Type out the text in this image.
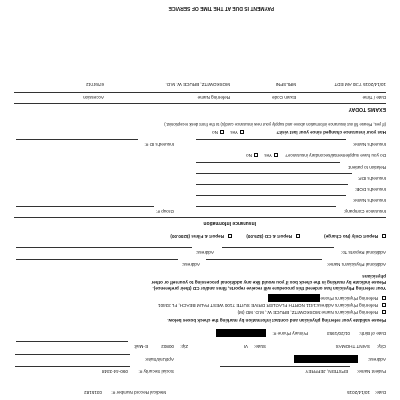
Date:
10/14/2015
Medical Record Number #:
0315182
Patient Name:
EPSTEIN, JEFFREY
Social Security #:
090-44-3348
Address:
Apt/Unit/Suite:
City:
SAINT THOMAS
State:
VI
Zip:
00802
E-Mail:
Date of Birth:
01/20/1953
Primary Phone #:
Please validate your referring physician and contact information by marking the check boxes below.
Referring Physician's Name:
MOSKOWITZ, BRUCE W., M.D. MD (M)
Referring Physician's Address:
1411 NORTH FLAGLER DRIVE SUITE 7100 WEST PALM BEACH, FL 33401
Referring Physician's Phone
Your referring Physician has ordered this procedure will receive reports, films and/or CD (their preference).
Please indicate by marking in the check box if you would like any additional processing to yourself or other
physicians
Additional Physician's Name:
Address:
Additional Reports To:
Address:
Report Only (No Charge)
Report & CD ($25.00)
Report & Films ($200.00)
Insurance Information
Insurance Company:
Group #:
Insured's Name:
Insured's DOB:
Insured's ID#:
Relation to patient:
Do you have supplemental/secondary insurance?
Yes
No
Insured's ID #:	Insured's Name:
Has your insurance changed since your last visit?
Yes
No
(If yes, Please fill out insurance information above and supply your new insurance card(s) to the front desk receptionist.)
EXAMS TODAY
Date / Time
Exam Code
Referring Name
Accession
10/14/2015 7:30 AM EDT
MRLSPNI
MOSKOWITZ, BRUCE W. M.D.
6784742
PAYMENT IS DUE AT THE TIME OF SERVICE
